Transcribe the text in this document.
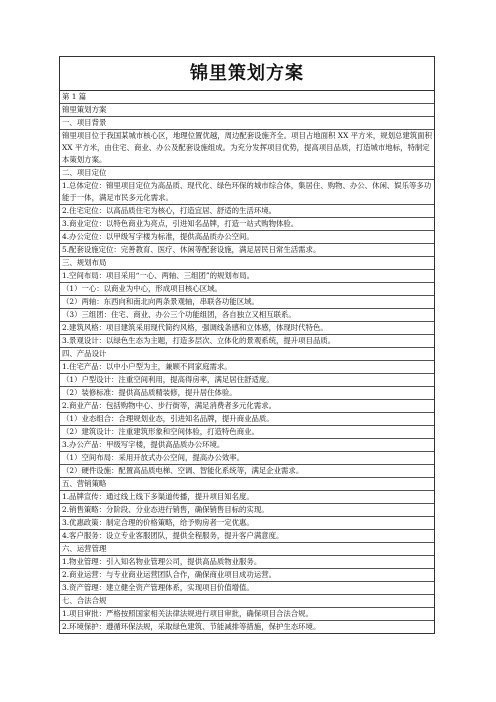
锦里策划方案
第 1 篇
锦里策划方案
一、项目背景
锦里项目位于我国某城市核心区，地理位置优越，周边配套设施齐全。项目占地面积 XX 平方米，规划总建筑面积 XX 平方米，由住宅、商业、办公及配套设施组成。为充分发挥项目优势，提高项目品质，打造城市地标，特制定本策划方案。
二、项目定位
1.总体定位：锦里项目定位为高品质、现代化、绿色环保的城市综合体，集居住、购物、办公、休闲、娱乐等多功能于一体，满足市民多元化需求。
2.住宅定位：以高品质住宅为核心，打造宜居、舒适的生活环境。
3.商业定位：以特色商业为亮点，引进知名品牌，打造一站式购物体验。
4.办公定位：以甲级写字楼为标准，提供高品质办公空间。
5.配套设施定位：完善教育、医疗、休闲等配套设施，满足居民日常生活需求。
三、规划布局
1.空间布局：项目采用“一心、两轴、三组团”的规划布局。
（1）一心：以商业为中心，形成项目核心区域。
（2）两轴：东西向和南北向两条景观轴，串联各功能区域。
（3）三组团：住宅、商业、办公三个功能组团，各自独立又相互联系。
2.建筑风格：项目建筑采用现代简约风格，强调线条感和立体感，体现时代特色。
3.景观设计：以绿色生态为主题，打造多层次、立体化的景观系统，提升项目品质。
四、产品设计
1.住宅产品：以中小户型为主，兼顾不同家庭需求。
（1）户型设计：注重空间利用，提高得房率，满足居住舒适度。
（2）装修标准：提供高品质精装修，提升居住体验。
2.商业产品：包括购物中心、步行街等，满足消费者多元化需求。
（1）业态组合：合理规划业态，引进知名品牌，提升商业品质。
（2）建筑设计：注重建筑形象和空间体验，打造特色商业。
3.办公产品：甲级写字楼，提供高品质办公环境。
（1）空间布局：采用开放式办公空间，提高办公效率。
（2）硬件设施：配置高品质电梯、空调、智能化系统等，满足企业需求。
五、营销策略
1.品牌宣传：通过线上线下多渠道传播，提升项目知名度。
2.销售策略：分阶段、分业态进行销售，确保销售目标的实现。
3.优惠政策：制定合理的价格策略，给予购房者一定优惠。
4.客户服务：设立专业客服团队，提供全程服务，提升客户满意度。
六、运营管理
1.物业管理：引入知名物业管理公司，提供高品质物业服务。
2.商业运营：与专业商业运营团队合作，确保商业项目成功运营。
3.资产管理：建立健全资产管理体系，实现项目价值增值。
七、合法合规
1.项目审批：严格按照国家相关法律法规进行项目审批，确保项目合法合规。
2.环境保护：遵循环保法规，采取绿色建筑、节能减排等措施，保护生态环境。
